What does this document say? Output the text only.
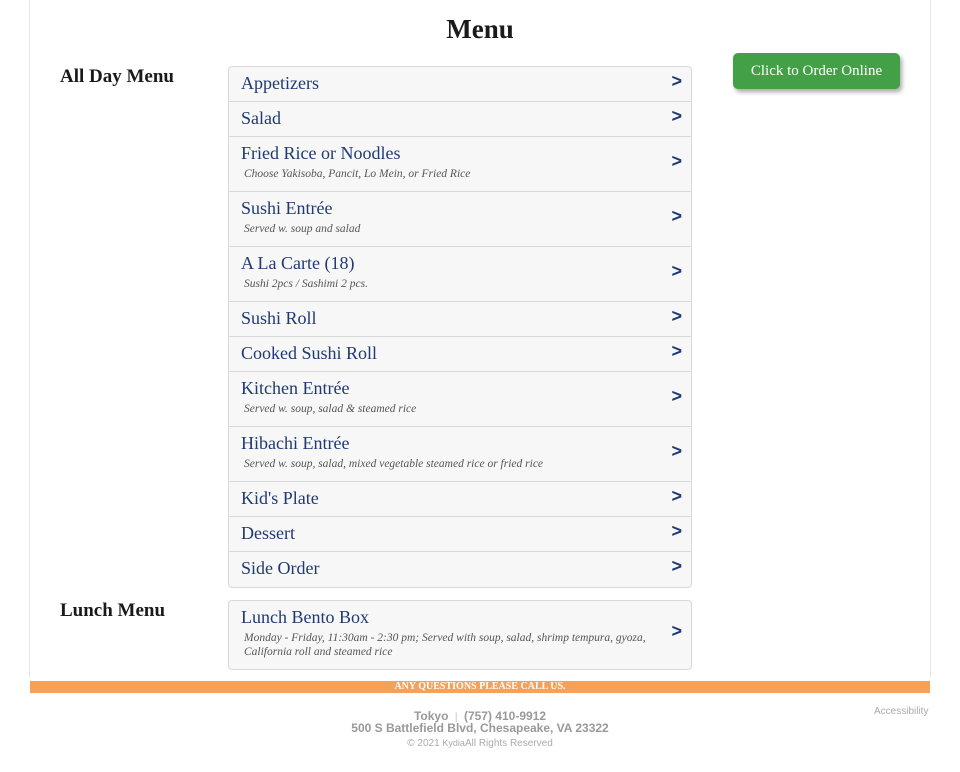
Menu
All Day Menu	Click to Order Online
Appetizers	>
Salad	>
Fried Rice or Noodles
Choose Yakisoba, Pancit, Lo Mein, or Fried Rice
>
Sushi Entrée
Served w. soup and salad
>
A La Carte (18)
Sushi 2pcs / Sashimi 2 pcs.
>
Sushi Roll	>
Cooked Sushi Roll	>
Kitchen Entrée
Served w. soup, salad & steamed rice
>
Hibachi Entrée
Served w. soup, salad, mixed vegetable steamed rice or fried rice
>
Kid's Plate	>
Dessert	>
Side Order	>
Lunch Menu	Lunch Bento Box
Monday - Friday, 11:30am - 2:30 pm; Served with soup, salad, shrimp tempura, gyoza, California roll and steamed rice
>
ANY QUESTIONS PLEASE CALL US.
Tokyo | (757) 410-9912
500 S Battlefield Blvd, Chesapeake, VA 23322
© 2021 KydiaAll Rights Reserved
Accessibility
